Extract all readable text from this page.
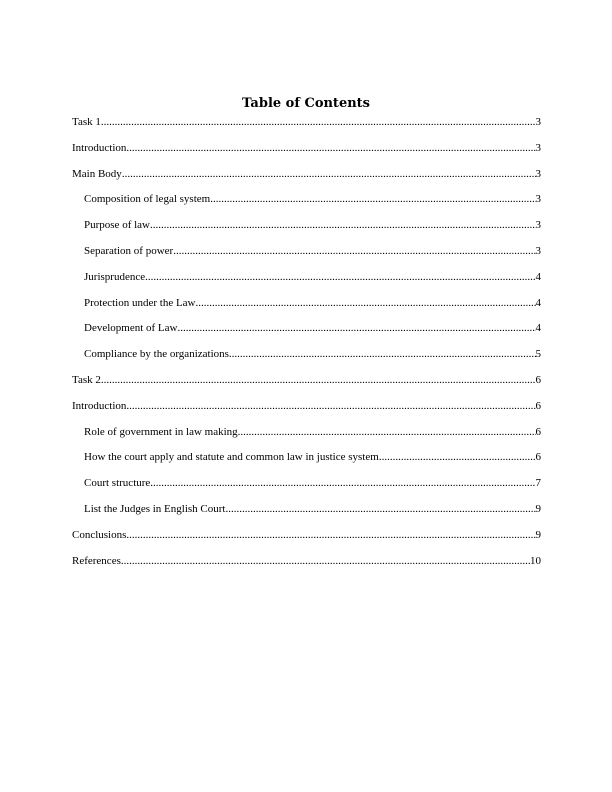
Table of Contents
Task 1 .....	3
Introduction .....	3
Main Body .....	3
Composition of legal system .....	3
Purpose of law .....	3
Separation of power .....	3
Jurisprudence .....	4
Protection under the Law .....	4
Development of Law .....	4
Compliance by the organizations .....	5
Task 2 .....	6
Introduction .....	6
Role of government in law making .....	6
How the court apply and statute and common law in justice system .....	6
Court structure .....	7
List the Judges in English Court .....	9
Conclusions .....	9
References .....	10
